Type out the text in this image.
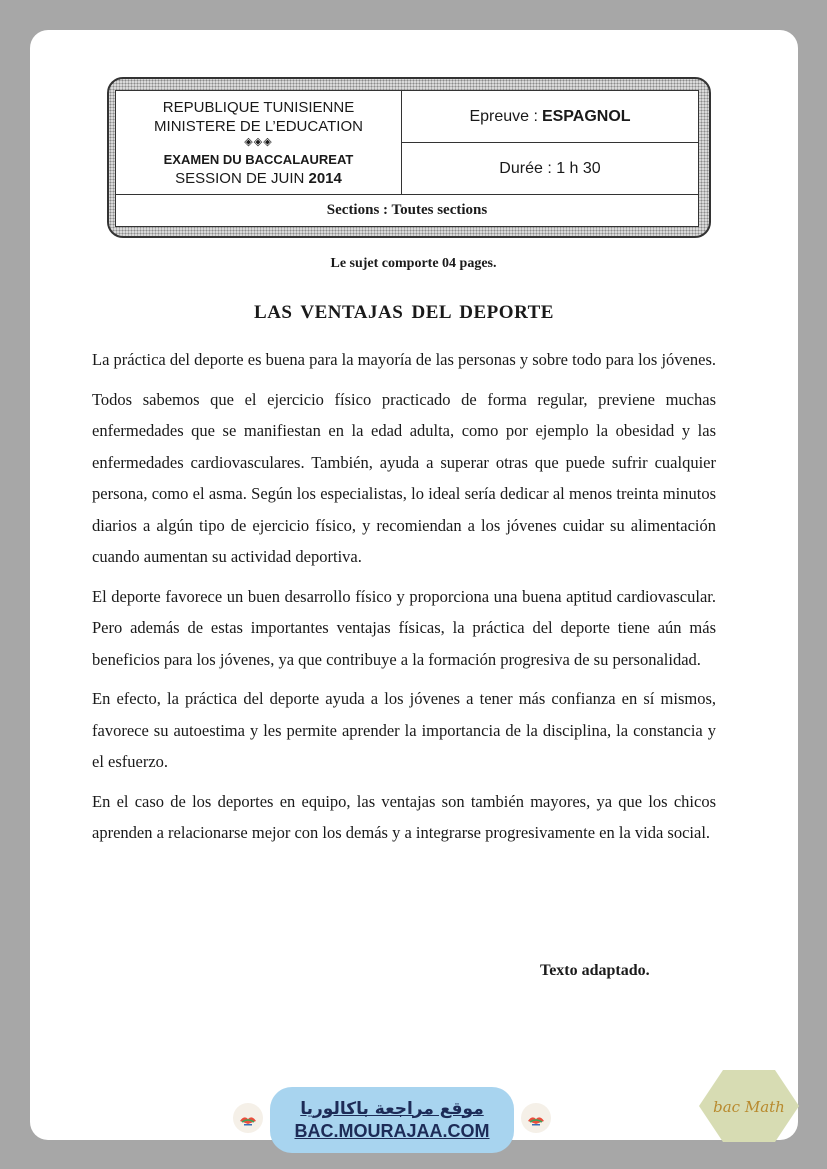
REPUBLIQUE TUNISIENNE
MINISTERE DE L’EDUCATION
◈◈◈
EXAMEN DU BACCALAUREAT
SESSION DE JUIN 2014
Epreuve : ESPAGNOL
Durée : 1 h 30
Sections : Toutes sections
Le sujet comporte 04 pages.
LAS VENTAJAS DEL DEPORTE

La práctica del deporte es buena para la mayoría de las personas y sobre todo para los jóvenes.

Todos sabemos que el ejercicio físico practicado de forma regular, previene muchas enfermedades que se manifiestan en la edad adulta, como por ejemplo la obesidad y las enfermedades cardiovasculares. También, ayuda a superar otras que puede sufrir cualquier persona, como el asma. Según los especialistas, lo ideal sería dedicar al menos treinta minutos diarios a algún tipo de ejercicio físico, y recomiendan a los jóvenes cuidar su alimentación cuando aumentan su actividad deportiva.

El deporte favorece un buen desarrollo físico y proporciona una buena aptitud cardiovascular. Pero además de estas importantes ventajas físicas, la práctica del deporte tiene aún más beneficios para los jóvenes, ya que contribuye a la formación progresiva de su personalidad.

En efecto, la práctica del deporte ayuda a los jóvenes a tener más confianza en sí mismos, favorece su autoestima y les permite aprender la importancia de la disciplina, la constancia y el esfuerzo.

En el caso de los deportes en equipo, las ventajas son también mayores, ya que los chicos aprenden a relacionarse mejor con los demás y a integrarse progresivamente en la vida social.

Texto adaptado.
موقع مراجعة باكالوريا
BAC.MOURAJAA.COM
bac Math
